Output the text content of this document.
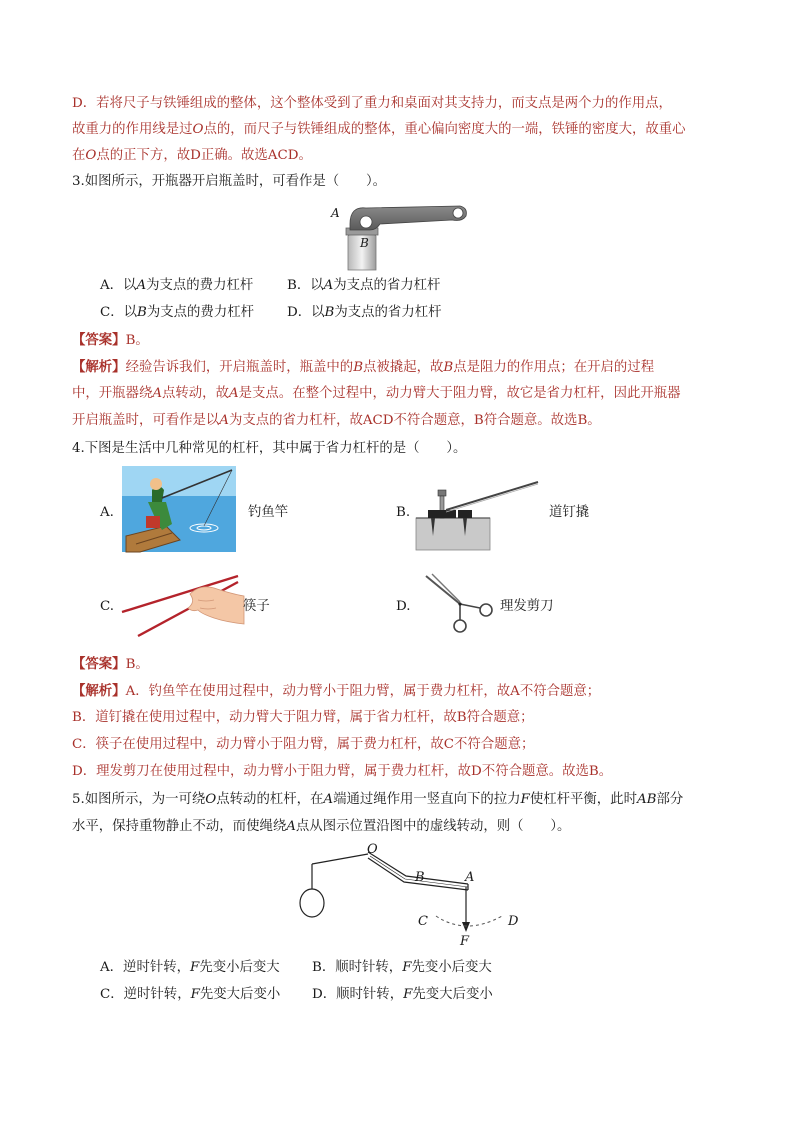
D．若将尺子与铁锤组成的整体，这个整体受到了重力和桌面对其支持力，而支点是两个力的作用点，
故重力的作用线是过O点的，而尺子与铁锤组成的整体，重心偏向密度大的一端，铁锤的密度大，故重心
在O点的正下方，故D正确。故选ACD。
3.如图所示，开瓶器开启瓶盖时，可看作是（　　）。
A
B
A．以A为支点的费力杠杆	B．以A为支点的省力杠杆
C．以B为支点的费力杠杆 D．以B为支点的省力杠杆
【答案】B。
【解析】经验告诉我们，开启瓶盖时，瓶盖中的B点被撬起，故B点是阻力的作用点；在开启的过程
中，开瓶器绕A点转动，故A是支点。在整个过程中，动力臂大于阻力臂，故它是省力杠杆，因此开瓶器
开启瓶盖时，可看作是以A为支点的省力杠杆，故ACD不符合题意，B符合题意。故选B。
4.下图是生活中几种常见的杠杆，其中属于省力杠杆的是（　　）。
A.	钓鱼竿	B.	道钉撬
C.	筷子	D.	理发剪刀
【答案】B。
【解析】A．钓鱼竿在使用过程中，动力臂小于阻力臂，属于费力杠杆，故A不符合题意；
B．道钉撬在使用过程中，动力臂大于阻力臂，属于省力杠杆，故B符合题意；
C．筷子在使用过程中，动力臂小于阻力臂，属于费力杠杆，故C不符合题意；
D．理发剪刀在使用过程中，动力臂小于阻力臂，属于费力杠杆，故D不符合题意。故选B。
5.如图所示，为一可绕O点转动的杠杆，在A端通过绳作用一竖直向下的拉力F使杠杆平衡，此时AB部分
水平，保持重物静止不动，而使绳绕A点从图示位置沿图中的虚线转动，则（　　）。
O
B	A
C	D
F
A．逆时针转，F先变小后变大 B．顺时针转，F先变小后变大
C．逆时针转，F先变大后变小 D．顺时针转，F先变大后变小
